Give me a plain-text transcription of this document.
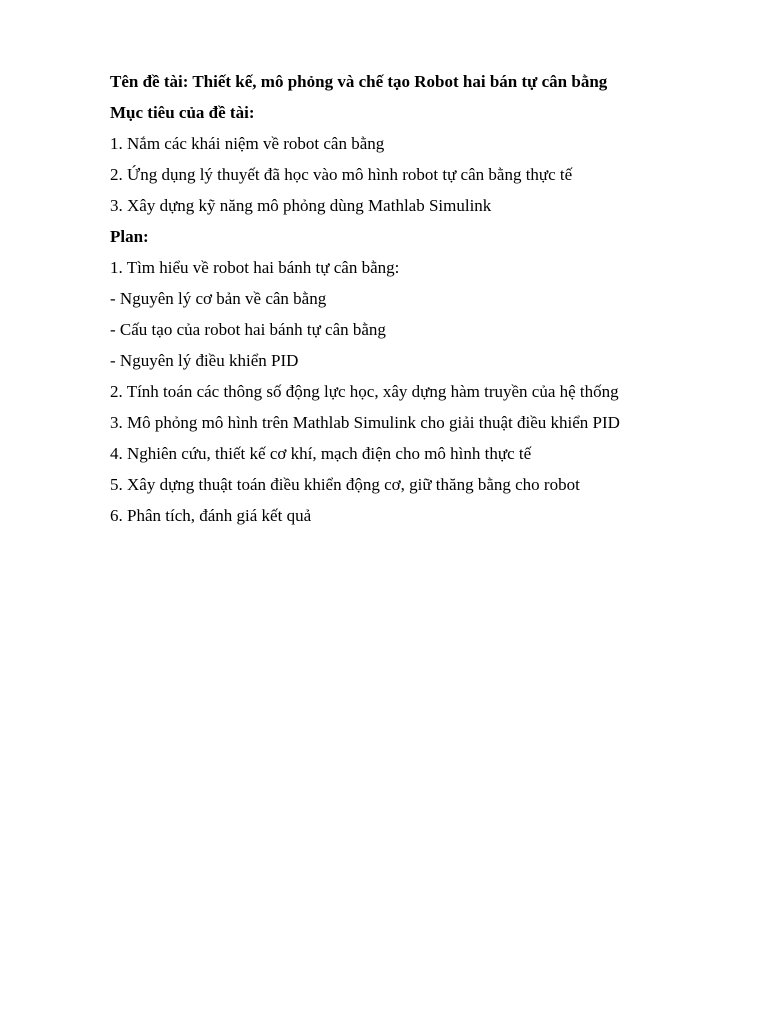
Tên đề tài: Thiết kế, mô phỏng và chế tạo Robot hai bán tự cân bằng
Mục tiêu của đề tài:
1. Nắm các khái niệm về robot cân bằng
2. Ứng dụng lý thuyết đã học vào mô hình robot tự cân bằng thực tế
3. Xây dựng kỹ năng mô phỏng dùng Mathlab Simulink
Plan:
1. Tìm hiểu về robot hai bánh tự cân bằng:
- Nguyên lý cơ bản về cân bằng
- Cấu tạo của robot hai bánh tự cân bằng
- Nguyên lý điều khiển PID
2. Tính toán các thông số động lực học, xây dựng hàm truyền của hệ thống
3. Mô phỏng mô hình trên Mathlab Simulink cho giải thuật điều khiển PID
4. Nghiên cứu, thiết kế cơ khí, mạch điện cho mô hình thực tế
5. Xây dựng thuật toán điều khiển động cơ, giữ thăng bằng cho robot
6. Phân tích, đánh giá kết quả
